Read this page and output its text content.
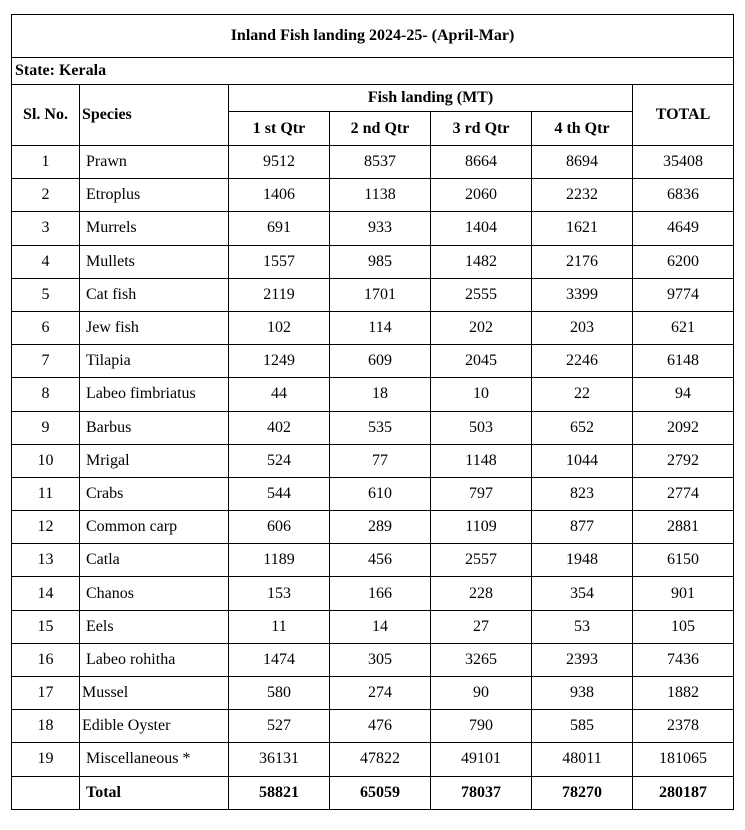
Inland Fish landing 2024-25- (April-Mar)						
State: Kerala						
Sl. No.	Species	Fish landing (MT)				TOTAL
		1 st Qtr	2 nd Qtr	3 rd Qtr	4 th Qtr	
1	Prawn	9512	8537	8664	8694	35408
2	Etroplus	1406	1138	2060	2232	6836
3	Murrels	691	933	1404	1621	4649
4	Mullets	1557	985	1482	2176	6200
5	Cat fish	2119	1701	2555	3399	9774
6	Jew fish	102	114	202	203	621
7	Tilapia	1249	609	2045	2246	6148
8	Labeo fimbriatus	44	18	10	22	94
9	Barbus	402	535	503	652	2092
10	Mrigal	524	77	1148	1044	2792
11	Crabs	544	610	797	823	2774
12	Common carp	606	289	1109	877	2881
13	Catla	1189	456	2557	1948	6150
14	Chanos	153	166	228	354	901
15	Eels	11	14	27	53	105
16	Labeo rohitha	1474	305	3265	2393	7436
17	Mussel	580	274	90	938	1882
18	Edible Oyster	527	476	790	585	2378
19	Miscellaneous *	36131	47822	49101	48011	181065
	Total	58821	65059	78037	78270	280187
